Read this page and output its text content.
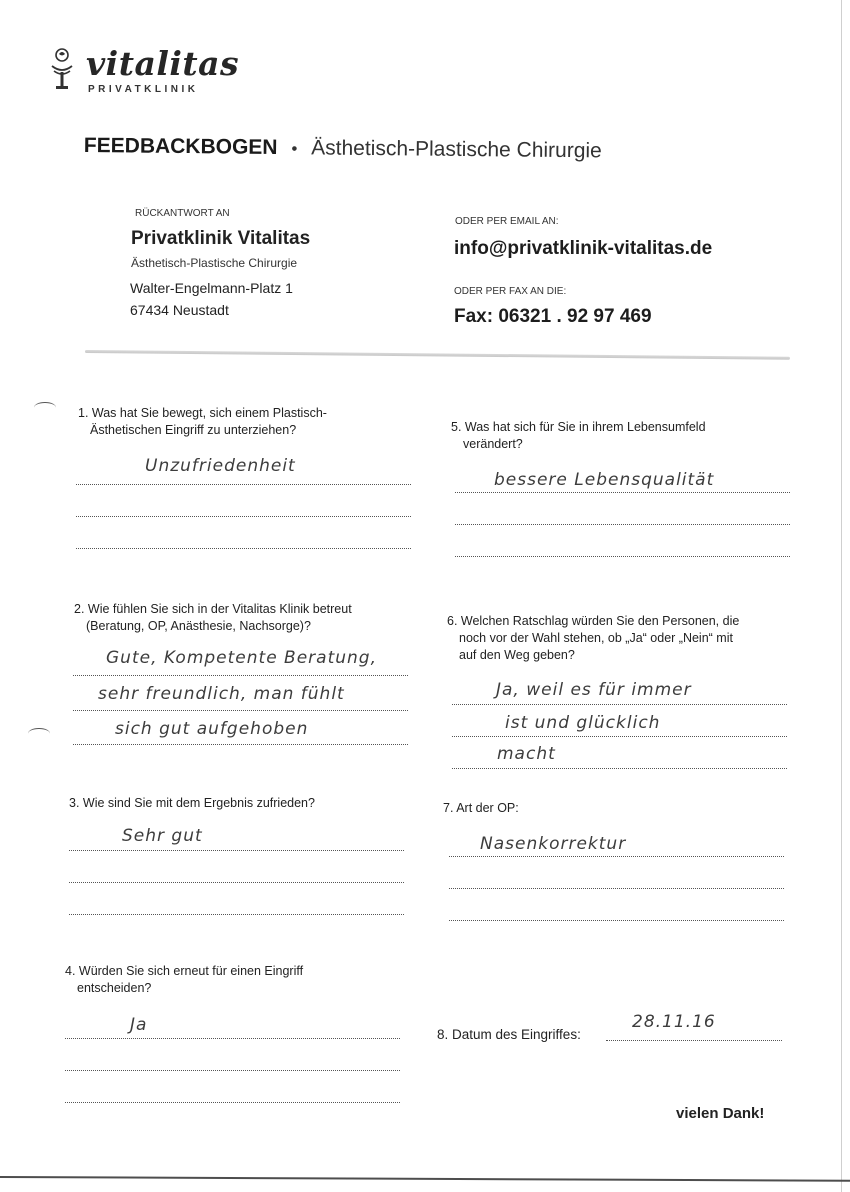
vitalitas
PRIVATKLINIK
FEEDBACKBOGEN • Ästhetisch-Plastische Chirurgie
RÜCKANTWORT AN
Privatklinik Vitalitas
Ästhetisch-Plastische Chirurgie
Walter-Engelmann-Platz 1
67434 Neustadt
ODER PER EMAIL AN:
info@privatklinik-vitalitas.de
ODER PER FAX AN DIE:
Fax: 06321 . 92 97 469
1. Was hat Sie bewegt, sich einem Plastisch-
Ästhetischen Eingriff zu unterziehen?
Unzufriedenheit
5. Was hat sich für Sie in ihrem Lebensumfeld
verändert?
bessere Lebensqualität
2. Wie fühlen Sie sich in der Vitalitas Klinik betreut
(Beratung, OP, Anästhesie, Nachsorge)?
Gute, Kompetente Beratung,
sehr freundlich, man fühlt
sich gut aufgehoben
6. Welchen Ratschlag würden Sie den Personen, die
noch vor der Wahl stehen, ob „Ja“ oder „Nein“ mit
auf den Weg geben?
Ja, weil es für immer
ist und glücklich
macht
3. Wie sind Sie mit dem Ergebnis zufrieden?
Sehr gut
7. Art der OP:
Nasenkorrektur
4. Würden Sie sich erneut für einen Eingriff
entscheiden?
Ja	8. Datum des Eingriffes:
28.11.16
vielen Dank!
